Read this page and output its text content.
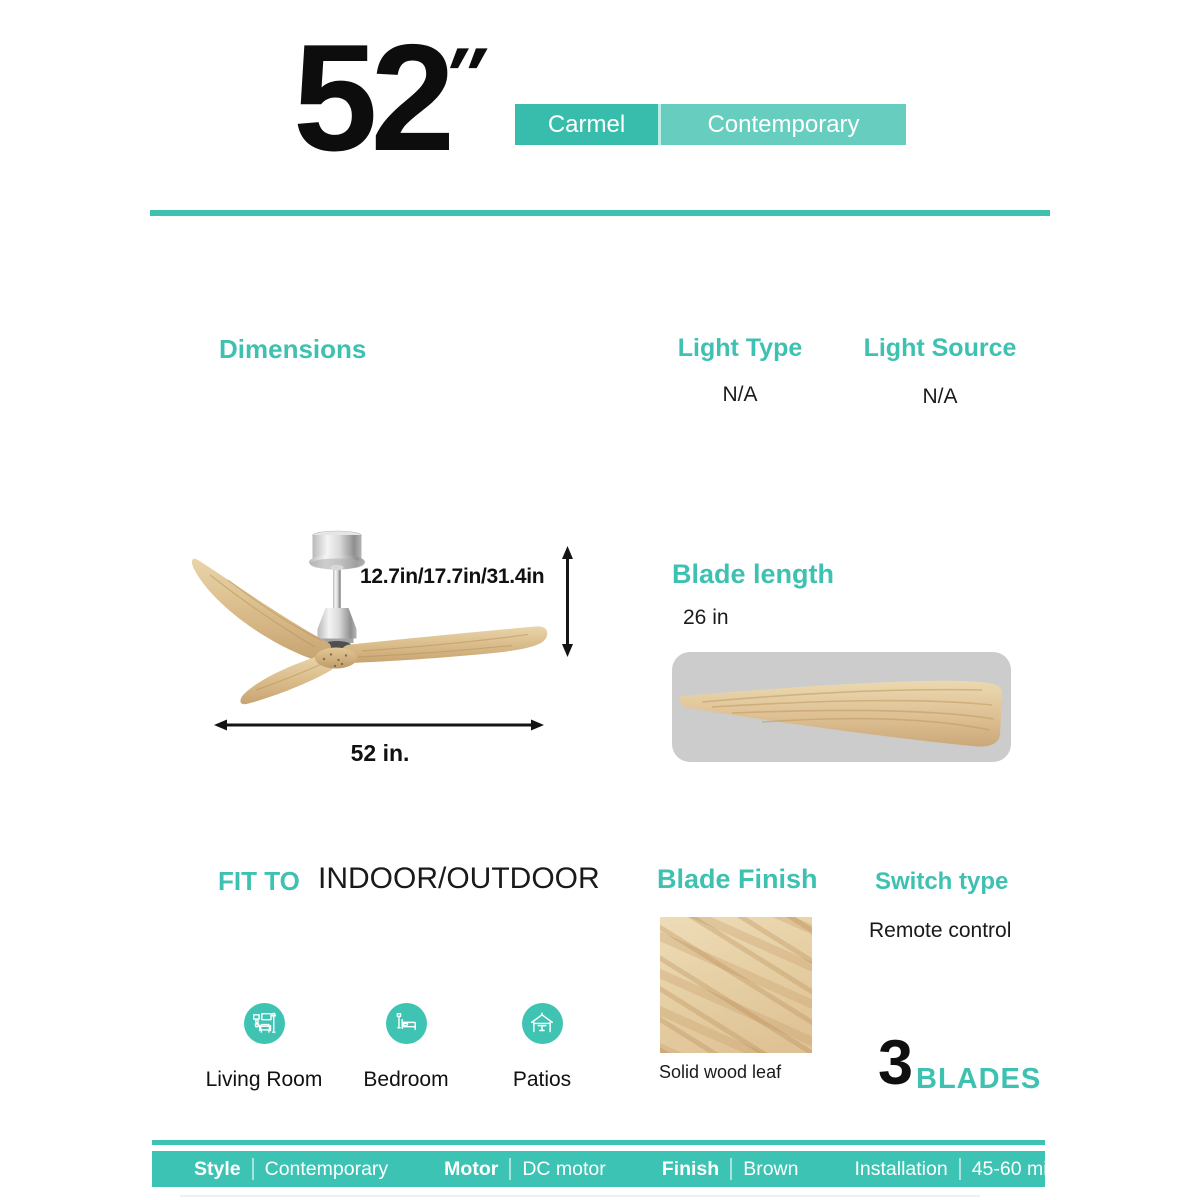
52
″
Carmel	Contemporary
Dimensions	Light Type	Light Source
N/A	N/A
12.7in/17.7in/31.4in
52 in.
Blade length
26 in
FIT TO INDOOR/OUTDOOR
Living Room	Bedroom	Patios
Blade Finish
Solid wood leaf
Switch type
Remote control
3 BLADES
Style Contemporary	Motor DC motor	Finish Brown	Installation 45-60 mins
